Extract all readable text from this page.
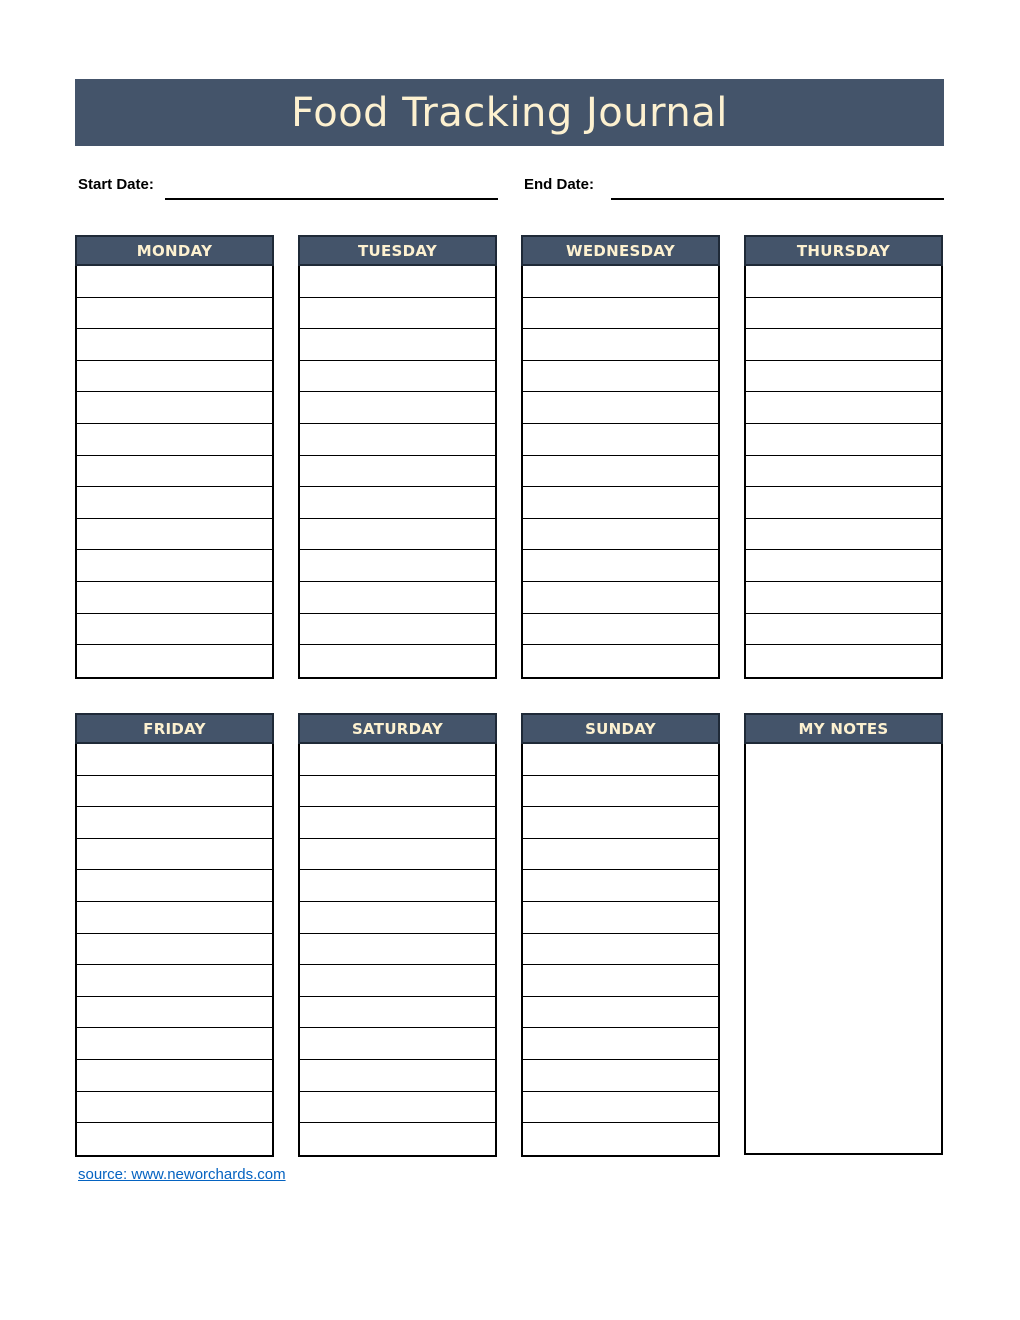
Food Tracking Journal
Start Date:	End Date:
MONDAY	TUESDAY	WEDNESDAY	THURSDAY
FRIDAY	SATURDAY	SUNDAY	MY NOTES
source: www.neworchards.com
